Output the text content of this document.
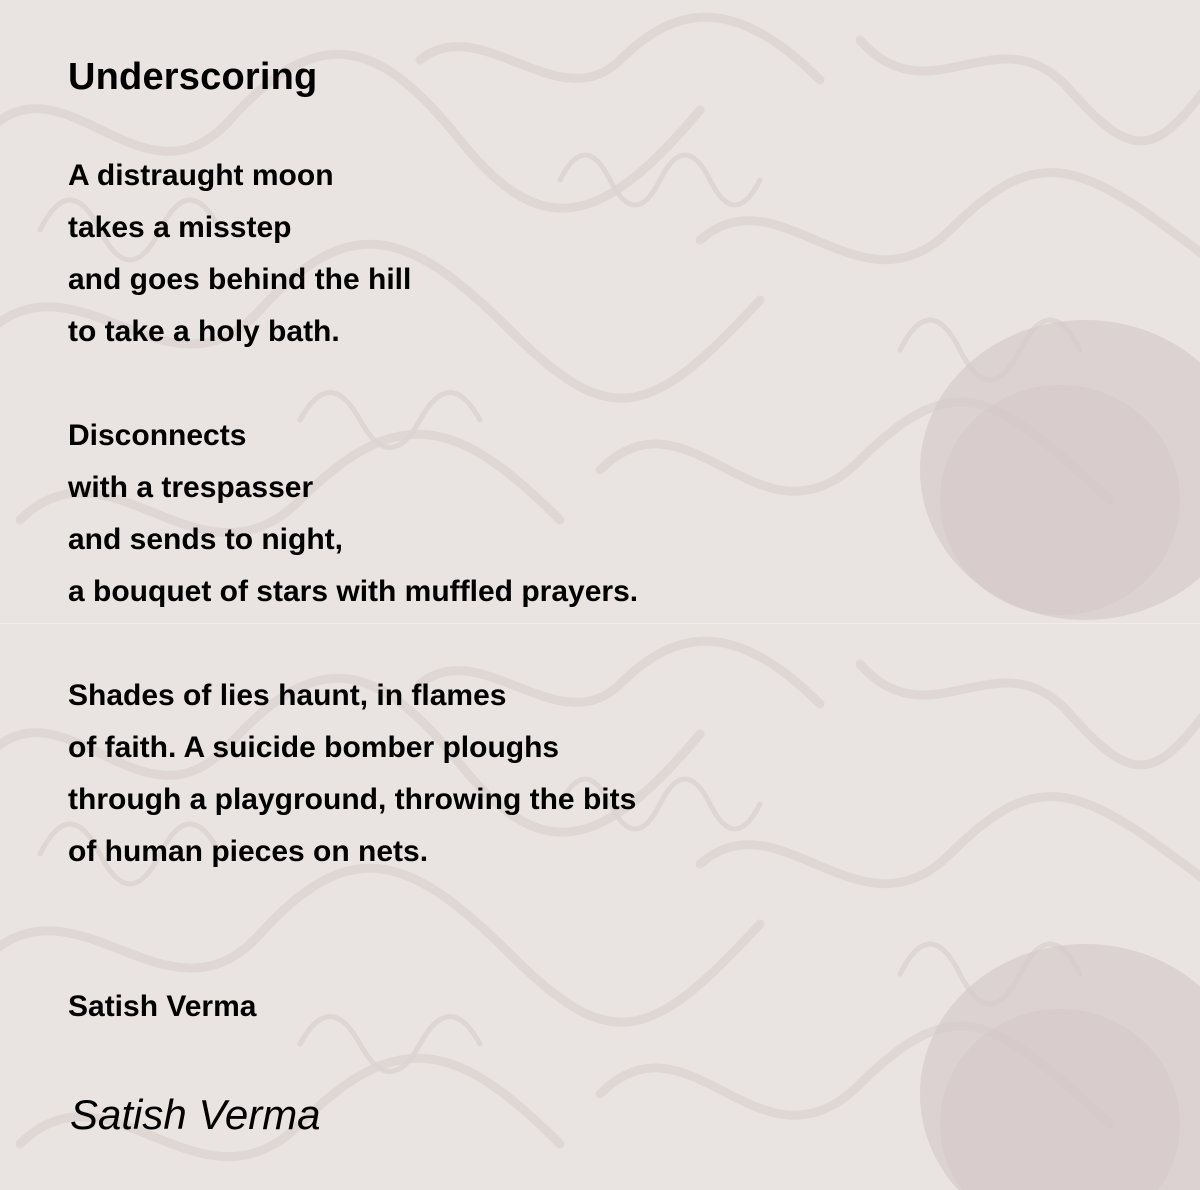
Underscoring
A distraught moon
takes a misstep
and goes behind the hill
to take a holy bath.
Disconnects
with a trespasser
and sends to night,
a bouquet of stars with muffled prayers.
Shades of lies haunt, in flames
of faith. A suicide bomber ploughs
through a playground, throwing the bits
of human pieces on nets.
Satish Verma
Satish Verma
